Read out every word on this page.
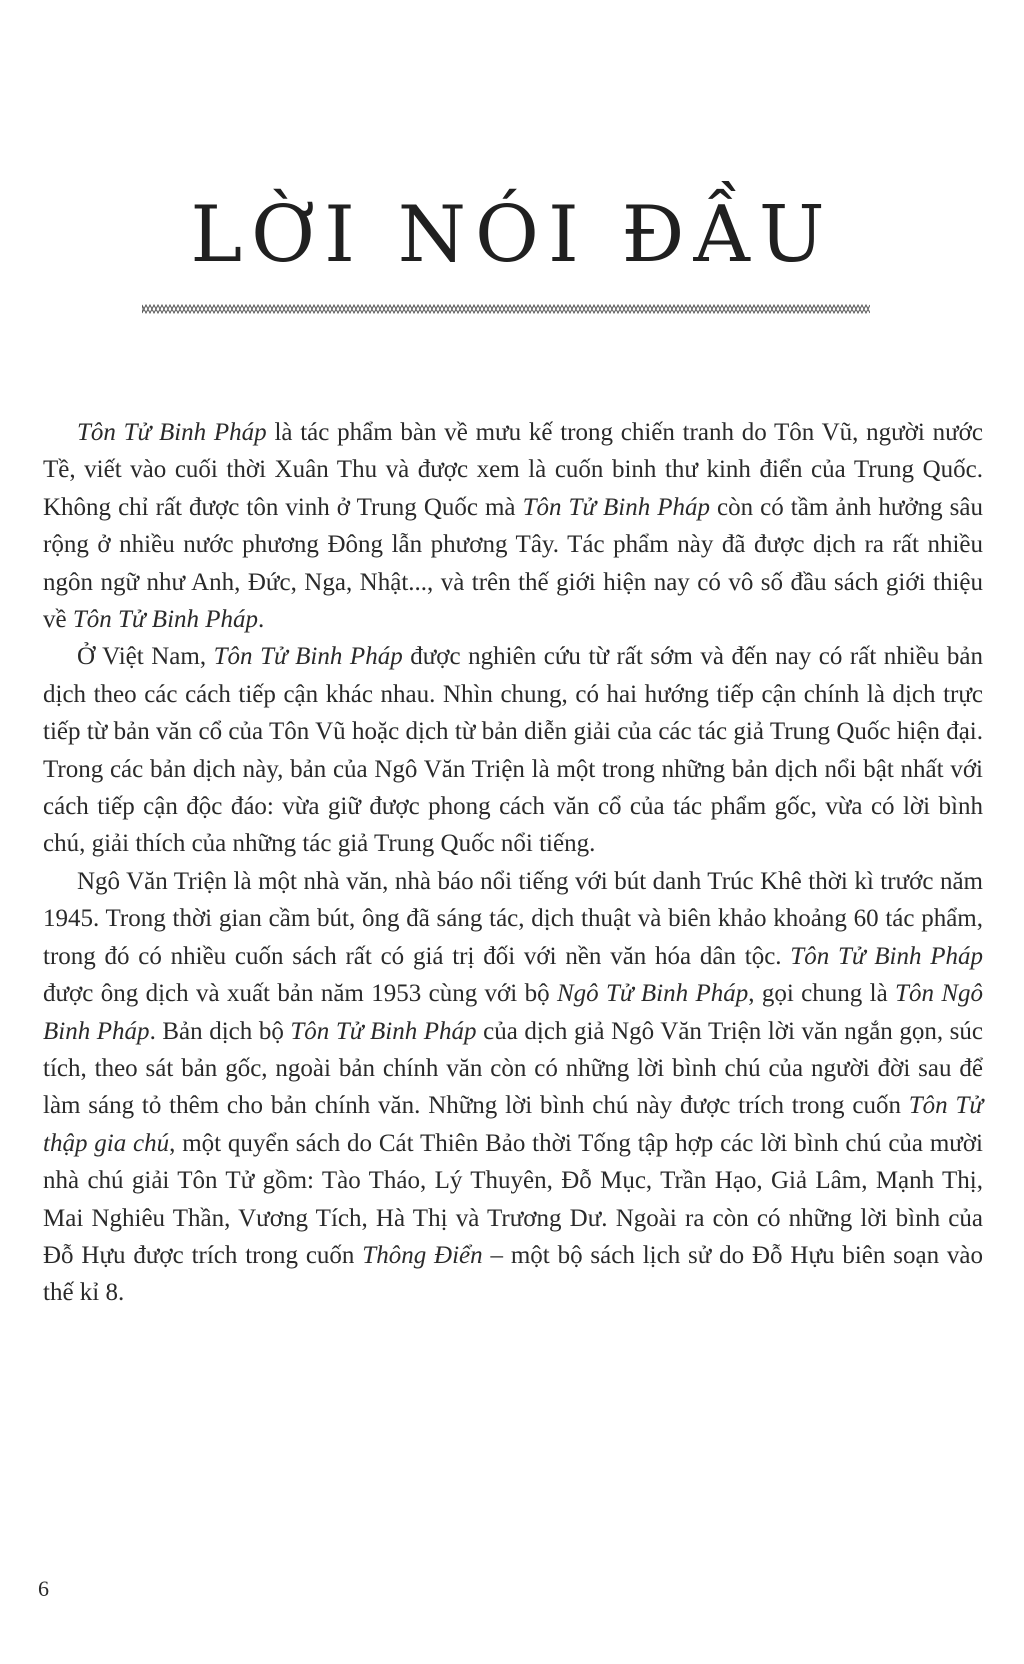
LỜI NÓI ĐẦU

Tôn Tử Binh Pháp là tác phẩm bàn về mưu kế trong chiến tranh do Tôn Vũ, người nước Tề, viết vào cuối thời Xuân Thu và được xem là cuốn binh thư kinh điển của Trung Quốc. Không chỉ rất được tôn vinh ở Trung Quốc mà Tôn Tử Binh Pháp còn có tầm ảnh hưởng sâu rộng ở nhiều nước phương Đông lẫn phương Tây. Tác phẩm này đã được dịch ra rất nhiều ngôn ngữ như Anh, Đức, Nga, Nhật..., và trên thế giới hiện nay có vô số đầu sách giới thiệu về Tôn Tử Binh Pháp.

Ở Việt Nam, Tôn Tử Binh Pháp được nghiên cứu từ rất sớm và đến nay có rất nhiều bản dịch theo các cách tiếp cận khác nhau. Nhìn chung, có hai hướng tiếp cận chính là dịch trực tiếp từ bản văn cổ của Tôn Vũ hoặc dịch từ bản diễn giải của các tác giả Trung Quốc hiện đại. Trong các bản dịch này, bản của Ngô Văn Triện là một trong những bản dịch nổi bật nhất với cách tiếp cận độc đáo: vừa giữ được phong cách văn cổ của tác phẩm gốc, vừa có lời bình chú, giải thích của những tác giả Trung Quốc nổi tiếng.

Ngô Văn Triện là một nhà văn, nhà báo nổi tiếng với bút danh Trúc Khê thời kì trước năm 1945. Trong thời gian cầm bút, ông đã sáng tác, dịch thuật và biên khảo khoảng 60 tác phẩm, trong đó có nhiều cuốn sách rất có giá trị đối với nền văn hóa dân tộc. Tôn Tử Binh Pháp được ông dịch và xuất bản năm 1953 cùng với bộ Ngô Tử Binh Pháp, gọi chung là Tôn Ngô Binh Pháp. Bản dịch bộ Tôn Tử Binh Pháp của dịch giả Ngô Văn Triện lời văn ngắn gọn, súc tích, theo sát bản gốc, ngoài bản chính văn còn có những lời bình chú của người đời sau để làm sáng tỏ thêm cho bản chính văn. Những lời bình chú này được trích trong cuốn Tôn Tử thập gia chú, một quyển sách do Cát Thiên Bảo thời Tống tập hợp các lời bình chú của mười nhà chú giải Tôn Tử gồm: Tào Tháo, Lý Thuyên, Đỗ Mục, Trần Hạo, Giả Lâm, Mạnh Thị, Mai Nghiêu Thần, Vương Tích, Hà Thị và Trương Dư. Ngoài ra còn có những lời bình của Đỗ Hựu được trích trong cuốn Thông Điển – một bộ sách lịch sử do Đỗ Hựu biên soạn vào thế kỉ 8.

6
